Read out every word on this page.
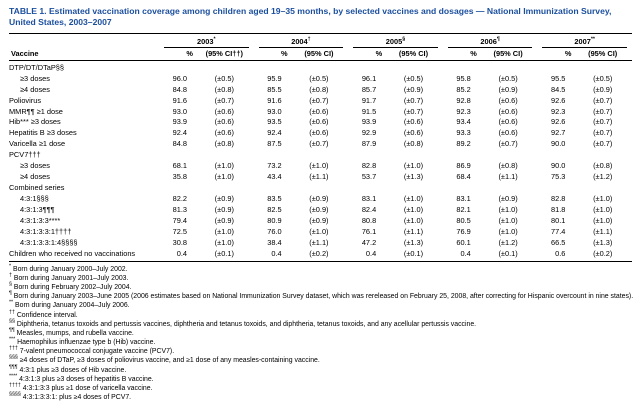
TABLE 1. Estimated vaccination coverage among children aged 19–35 months, by selected vaccines and dosages — National Immunization Survey, United States, 2003–2007

	2003*		2004†		2005§		2006¶		2007**

Vaccine	%	(95% CI††)	%	(95% CI)	%	(95% CI)	%	(95% CI)	%	(95% CI)
DTP/DT/DTaP§§										
≥3 doses	96.0	(±0.5)	95.9	(±0.5)	96.1	(±0.5)	95.8	(±0.5)	95.5	(±0.5)
≥4 doses	84.8	(±0.8)	85.5	(±0.8)	85.7	(±0.9)	85.2	(±0.9)	84.5	(±0.9)
Poliovirus	91.6	(±0.7)	91.6	(±0.7)	91.7	(±0.7)	92.8	(±0.6)	92.6	(±0.7)
MMR¶¶ ≥1 dose	93.0	(±0.6)	93.0	(±0.6)	91.5	(±0.7)	92.3	(±0.6)	92.3	(±0.7)
Hib*** ≥3 doses	93.9	(±0.6)	93.5	(±0.6)	93.9	(±0.6)	93.4	(±0.6)	92.6	(±0.7)
Hepatitis B ≥3 doses	92.4	(±0.6)	92.4	(±0.6)	92.9	(±0.6)	93.3	(±0.6)	92.7	(±0.7)
Varicella ≥1 dose	84.8	(±0.8)	87.5	(±0.7)	87.9	(±0.8)	89.2	(±0.7)	90.0	(±0.7)
PCV7†††										
≥3 doses	68.1	(±1.0)	73.2	(±1.0)	82.8	(±1.0)	86.9	(±0.8)	90.0	(±0.8)
≥4 doses	35.8	(±1.0)	43.4	(±1.1)	53.7	(±1.3)	68.4	(±1.1)	75.3	(±1.2)
Combined series										
4:3:1§§§	82.2	(±0.9)	83.5	(±0.9)	83.1	(±1.0)	83.1	(±0.9)	82.8	(±1.0)
4:3:1:3¶¶¶	81.3	(±0.9)	82.5	(±0.9)	82.4	(±1.0)	82.1	(±1.0)	81.8	(±1.0)
4:3:1:3:3****	79.4	(±0.9)	80.9	(±0.9)	80.8	(±1.0)	80.5	(±1.0)	80.1	(±1.0)
4:3:1:3:3:1††††	72.5	(±1.0)	76.0	(±1.0)	76.1	(±1.1)	76.9	(±1.0)	77.4	(±1.1)
4:3:1:3:3:1:4§§§§	30.8	(±1.0)	38.4	(±1.1)	47.2	(±1.3)	60.1	(±1.2)	66.5	(±1.3)
Children who received no vaccinations	0.4	(±0.1)	0.4	(±0.2)	0.4	(±0.1)	0.4	(±0.1)	0.6	(±0.2)

* Born during January 2000–July 2002.

† Born during January 2001–July 2003.

§ Born during February 2002–July 2004.

¶ Born during January 2003–June 2005 (2006 estimates based on National Immunization Survey dataset, which was rereleased on February 25, 2008, after correcting for Hispanic overcount in nine states).

** Born during January 2004–July 2006.

†† Confidence interval.

§§ Diphtheria, tetanus toxoids and pertussis vaccines, diphtheria and tetanus toxoids, and diphtheria, tetanus toxoids, and any acellular pertussis vaccine.

¶¶ Measles, mumps, and rubella vaccine.

*** Haemophilus influenzae type b (Hib) vaccine.

††† 7-valent pneumococcal conjugate vaccine (PCV7).

§§§ ≥4 doses of DTaP, ≥3 doses of poliovirus vaccine, and ≥1 dose of any measles-containing vaccine.

¶¶¶ 4:3:1 plus ≥3 doses of Hib vaccine.

**** 4:3:1:3 plus ≥3 doses of hepatitis B vaccine.

†††† 4:3:1:3:3 plus ≥1 dose of varicella vaccine.

§§§§ 4:3:1:3:3:1: plus ≥4 doses of PCV7.
